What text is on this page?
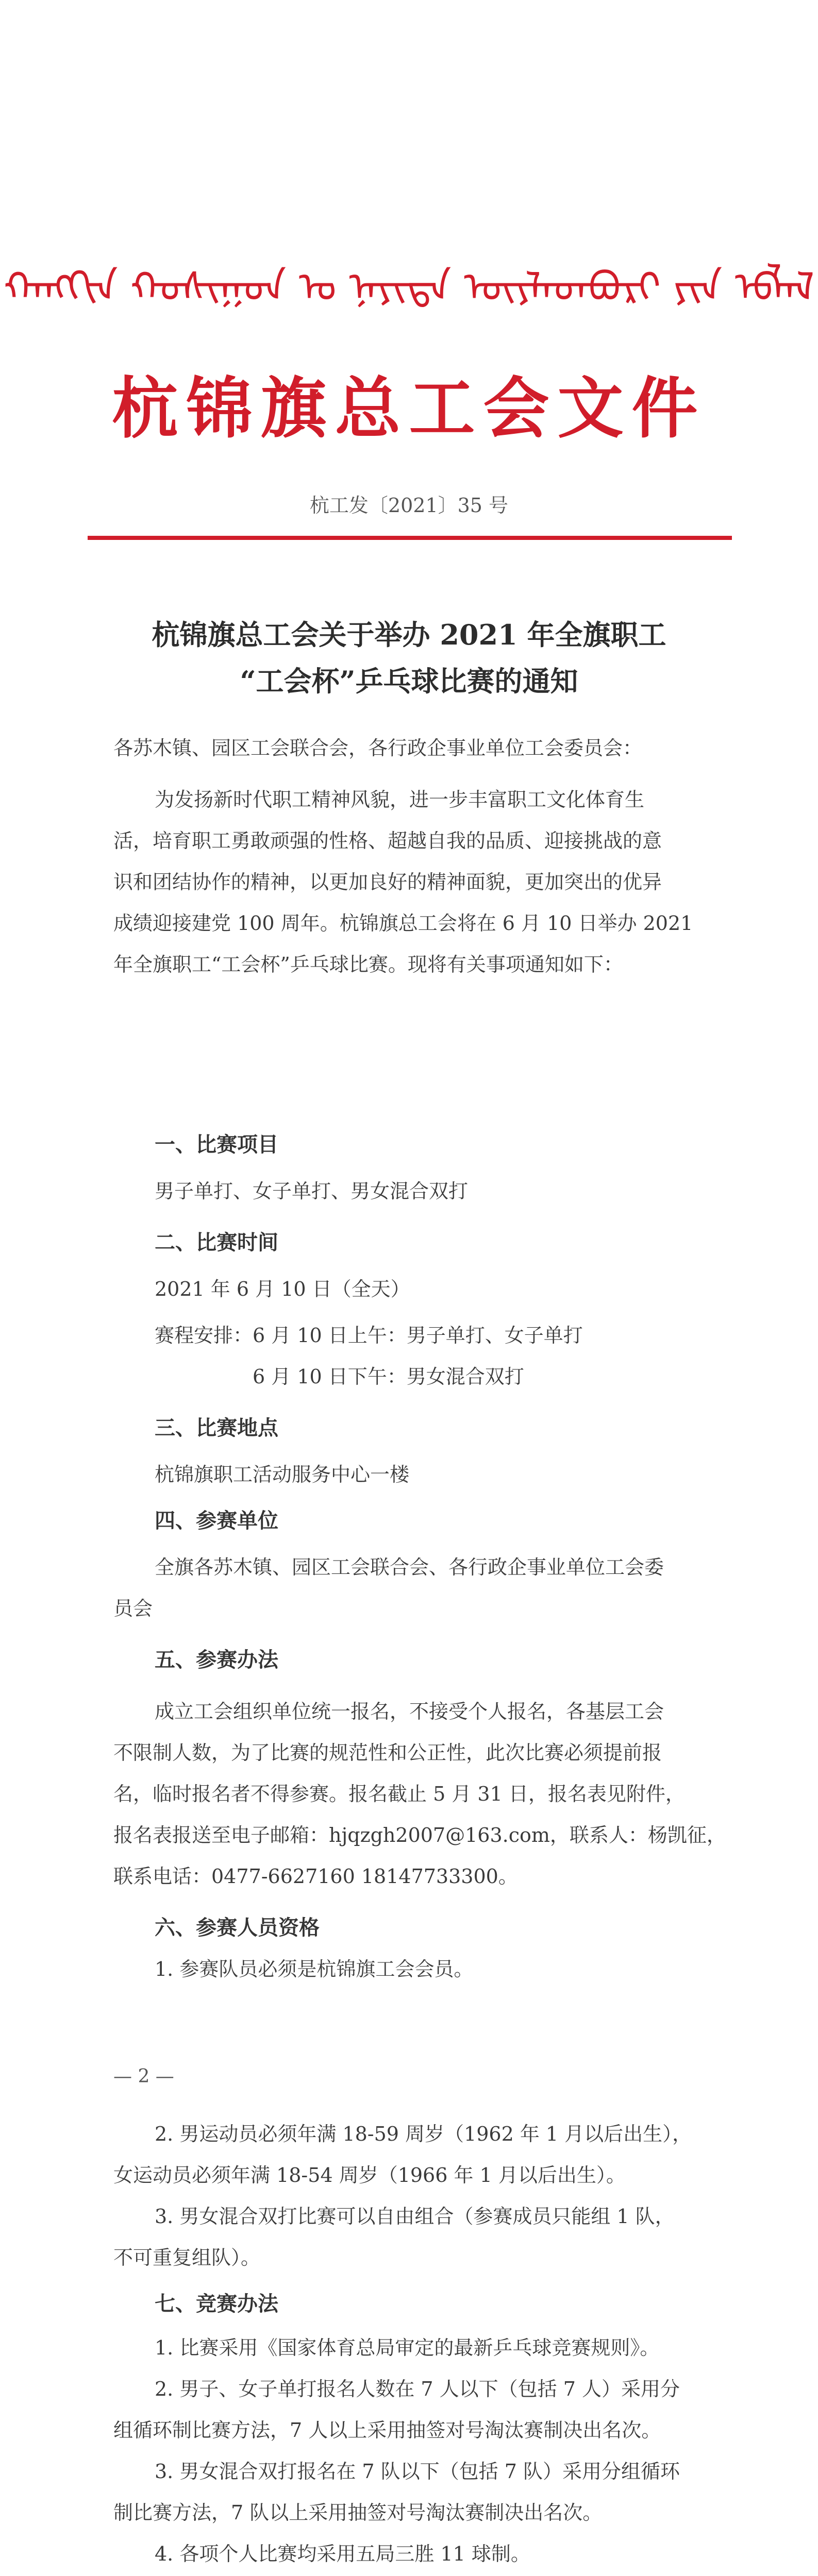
ᠬᠠᠩᠭᠢᠨ ᠬᠣᠰᠢᠭᠤᠨ ᠤ ᠨᠡᠶᠢᠲᠡ ᠦᠶᠯᠡᠳᠪᠦᠷᠢ ᠶᠢᠨ ᠡᠪᠯᠡᠯ
杭锦旗总工会文件
杭工发〔2021〕35 号
杭锦旗总工会关于举办 2021 年全旗职工
“工会杯”乒乓球比赛的通知
各苏木镇、园区工会联合会，各行政企事业单位工会委员会：
为发扬新时代职工精神风貌，进一步丰富职工文化体育生
活，培育职工勇敢顽强的性格、超越自我的品质、迎接挑战的意
识和团结协作的精神，以更加良好的精神面貌，更加突出的优异
成绩迎接建党 100 周年。杭锦旗总工会将在 6 月 10 日举办 2021
年全旗职工“工会杯”乒乓球比赛。现将有关事项通知如下：
一、比赛项目
男子单打、女子单打、男女混合双打
二、比赛时间
2021 年 6 月 10 日（全天）
赛程安排：6 月 10 日上午：男子单打、女子单打
6 月 10 日下午：男女混合双打
三、比赛地点
杭锦旗职工活动服务中心一楼
四、参赛单位
全旗各苏木镇、园区工会联合会、各行政企事业单位工会委
员会
五、参赛办法
成立工会组织单位统一报名，不接受个人报名，各基层工会
不限制人数，为了比赛的规范性和公正性，此次比赛必须提前报
名，临时报名者不得参赛。报名截止 5 月 31 日，报名表见附件，
报名表报送至电子邮箱：hjqzgh2007@163.com，联系人：杨凯征，
联系电话：0477-6627160 18147733300。
六、参赛人员资格
1. 参赛队员必须是杭锦旗工会会员。
— 2 —
2. 男运动员必须年满 18-59 周岁（1962 年 1 月以后出生），
女运动员必须年满 18-54 周岁（1966 年 1 月以后出生）。
3. 男女混合双打比赛可以自由组合（参赛成员只能组 1 队，
不可重复组队）。
七、竞赛办法
1. 比赛采用《国家体育总局审定的最新乒乓球竞赛规则》。
2. 男子、女子单打报名人数在 7 人以下（包括 7 人）采用分
组循环制比赛方法，7 人以上采用抽签对号淘汰赛制决出名次。
3. 男女混合双打报名在 7 队以下（包括 7 队）采用分组循环
制比赛方法，7 队以上采用抽签对号淘汰赛制决出名次。
4. 各项个人比赛均采用五局三胜 11 球制。
